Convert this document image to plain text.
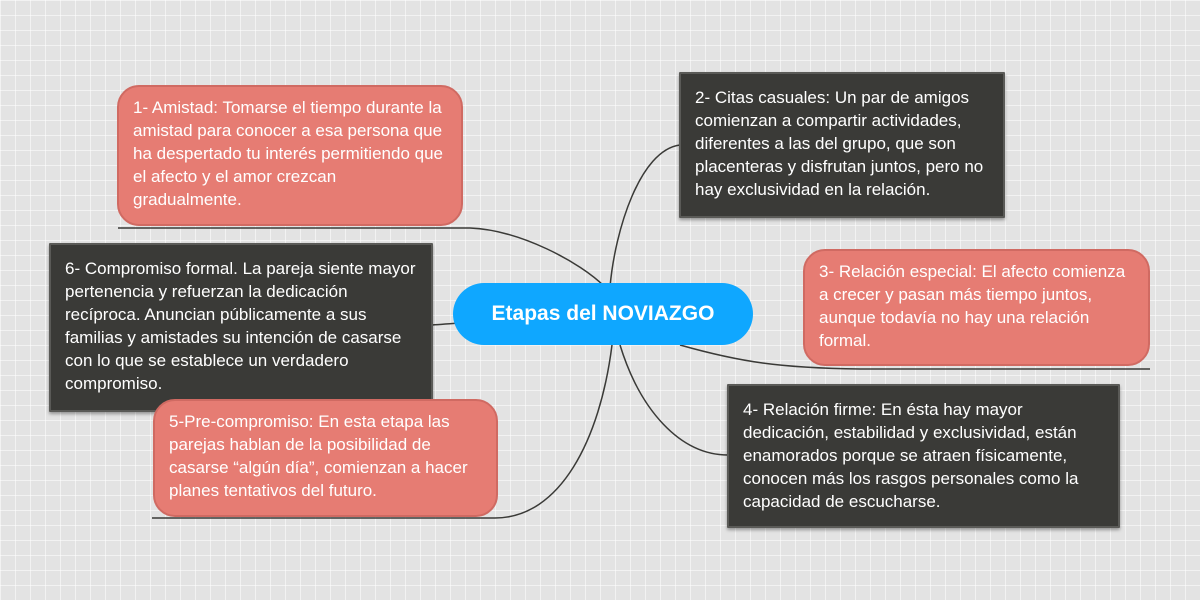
1- Amistad: Tomarse el tiempo durante la amistad para conocer a esa persona que ha despertado tu interés permitiendo que el afecto y el amor crezcan gradualmente.
2- Citas casuales: Un par de amigos comienzan a compartir actividades, diferentes a las del grupo, que son placenteras y disfrutan juntos, pero no hay exclusividad en la relación.
3- Relación especial: El afecto comienza a crecer y pasan más tiempo juntos, aunque todavía no hay una relación formal.
4- Relación firme: En ésta hay mayor dedicación, estabilidad y exclusividad, están enamorados porque se atraen físicamente, conocen más los rasgos personales como la capacidad de escucharse.
6- Compromiso formal. La pareja siente mayor pertenencia y refuerzan la dedicación recíproca. Anuncian públicamente a sus familias y amistades su intención de casarse con lo que se establece un verdadero compromiso.
5-Pre-compromiso: En esta etapa las parejas hablan de la posibilidad de casarse “algún día”, comienzan a hacer planes tentativos del futuro.
Etapas del NOVIAZGO
